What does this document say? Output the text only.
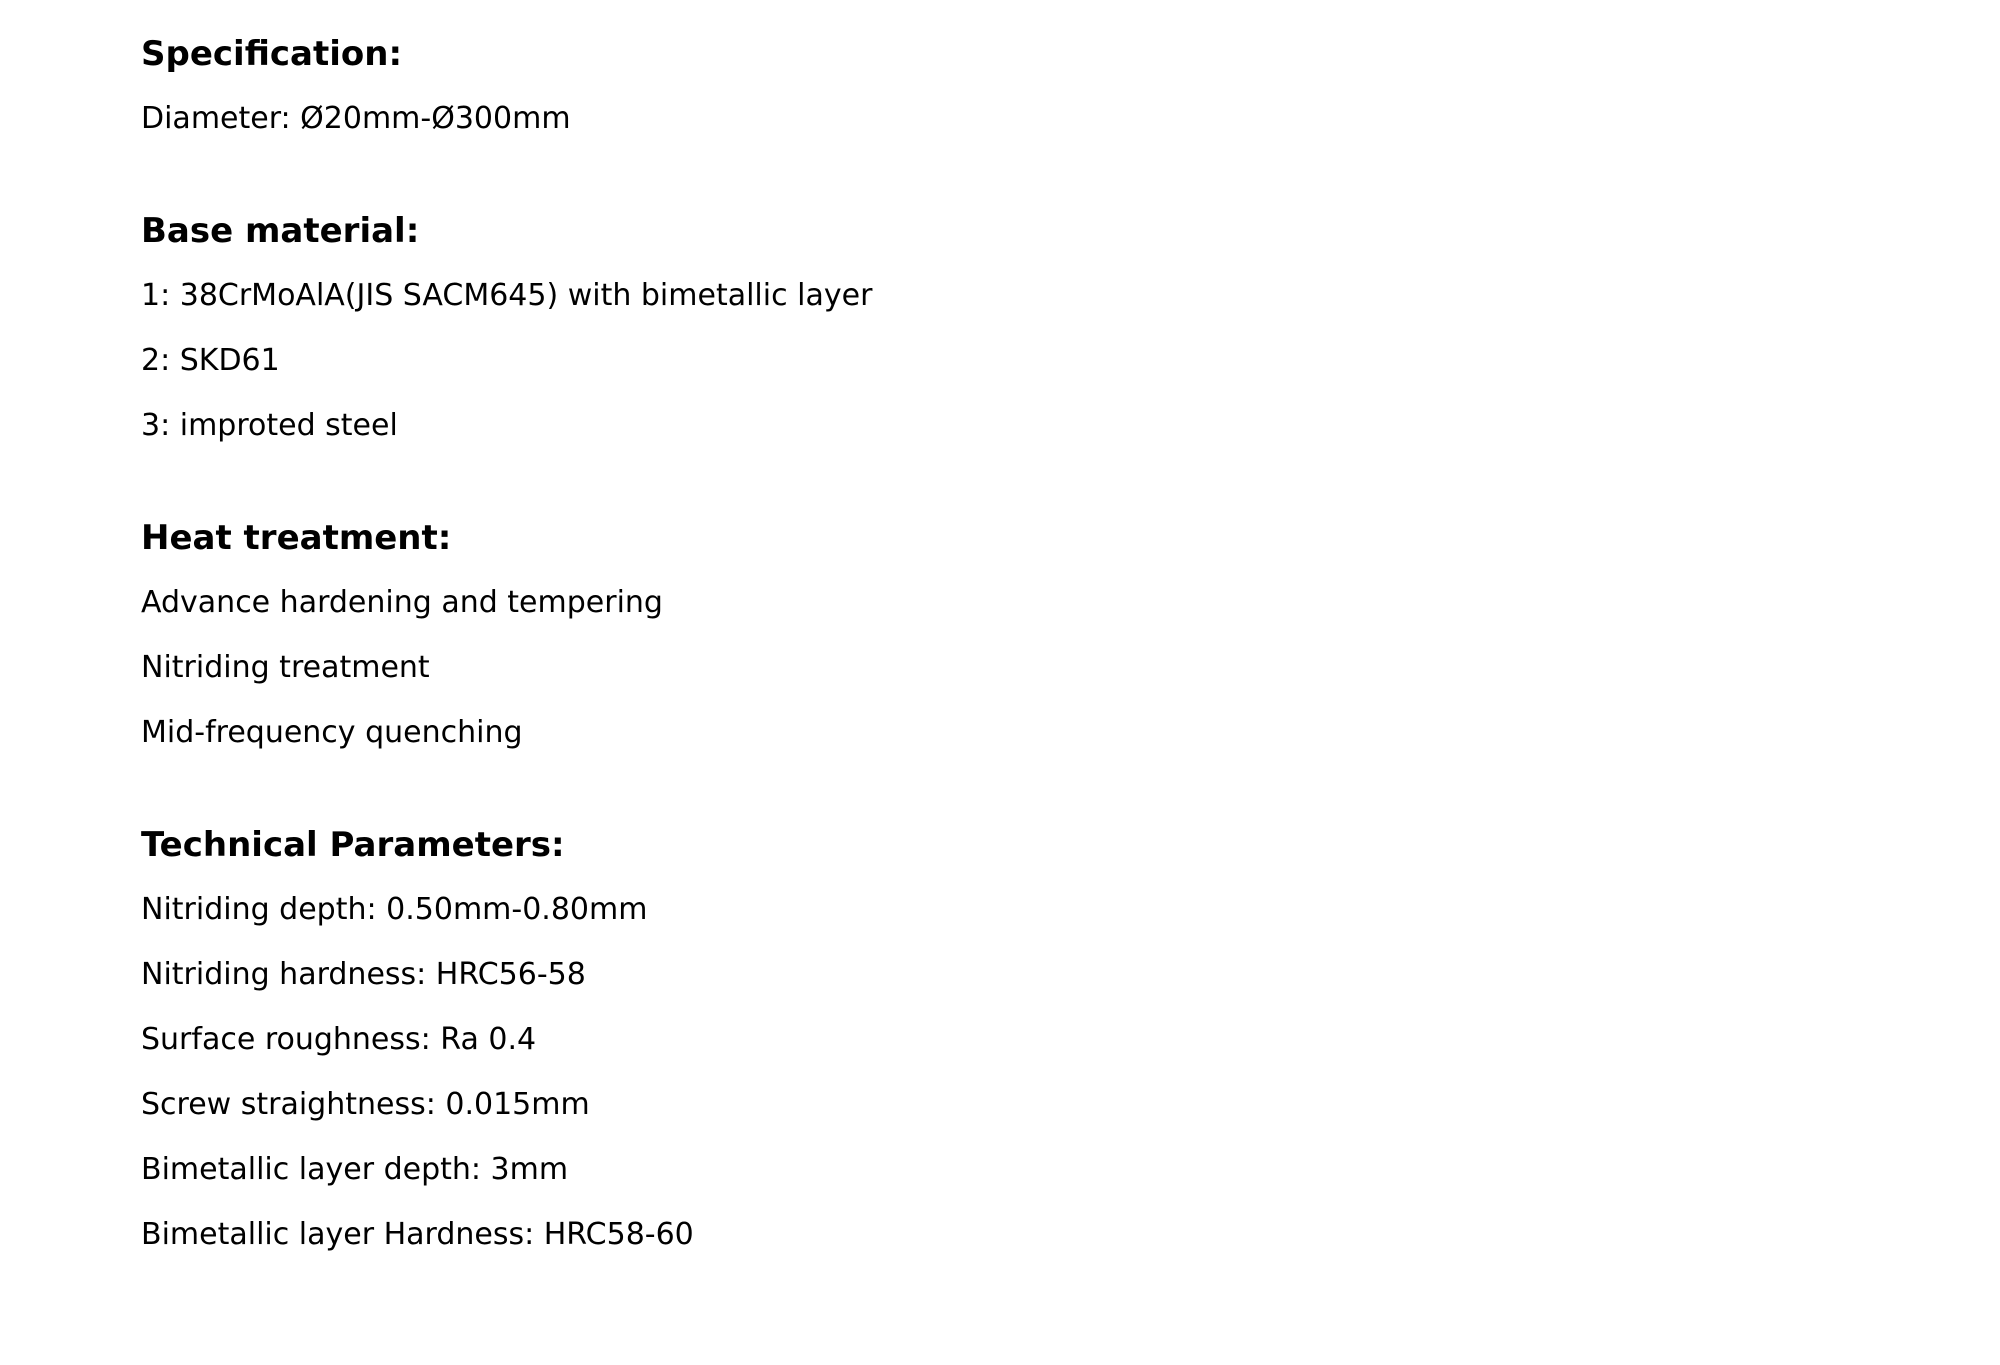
Specification:
Diameter: Ø20mm-Ø300mm
Base material:
1: 38CrMoAlA(JIS SACM645) with bimetallic layer
2: SKD61
3: improted steel
Heat treatment:
Advance hardening and tempering
Nitriding treatment
Mid-frequency quenching
Technical Parameters:
Nitriding depth: 0.50mm-0.80mm
Nitriding hardness: HRC56-58
Surface roughness: Ra 0.4
Screw straightness: 0.015mm
Bimetallic layer depth: 3mm
Bimetallic layer Hardness: HRC58-60
